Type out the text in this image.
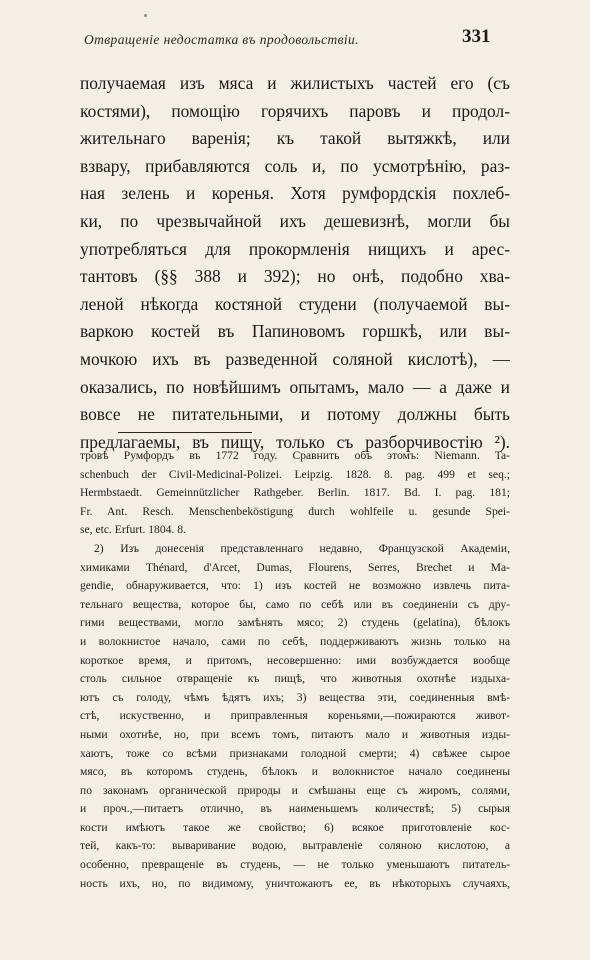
Отвращеніе недостатка въ продовольствіи.	331
получаемая изъ мяса и жилистыхъ частей его (съ
костями), помощію горячихъ паровъ и продол-
жительнаго варенія; къ такой вытяжкѣ, или
взвару, прибавляются соль и, по усмотрѣнію, раз-
ная зелень и коренья. Хотя румфордскія похлеб-
ки, по чрезвычайной ихъ дешевизнѣ, могли бы
употребляться для прокормленія нищихъ и арес-
тантовъ (§§ 388 и 392); но онѣ, подобно хва-
леной нѣкогда костяной студени (получаемой вы-
варкою костей въ Папиновомъ горшкѣ, или вы-
мочкою ихъ въ разведенной соляной кислотѣ), —
оказались, по новѣйшимъ опытамъ, мало — а даже и
вовсе не питательными, и потому должны быть
предлагаемы, въ пищу, только съ разборчивостію ²).
тровѣ Румфордъ въ 1772 году. Сравнить объ этомъ: Niemann. Ta-
schenbuch der Civil-Medicinal-Polizei. Leipzig. 1828. 8. pag. 499 et seq.;
Hermbstaedt. Gemeinnützlicher Rathgeber. Berlin. 1817. Bd. I. pag. 181;
Fr. Ant. Resch. Menschenbeköstigung durch wohlfeile u. gesunde Spei-
se, etc. Erfurt. 1804. 8.
2) Изъ донесенія представленнаго недавно, Французской Академіи,
химиками Thénard, d'Arcet, Dumas, Flourens, Serres, Brechet и Ma-
gendie, обнаруживается, что: 1) изъ костей не возможно извлечь пита-
тельнаго вещества, которое бы, само по себѣ или въ соединеніи съ дру-
гими веществами, могло замѣнять мясо; 2) студень (gelatina), бѣлокъ
и волокнистое начало, сами по себѣ, поддерживаютъ жизнь только на
короткое время, и притомъ, несовершенно: ими возбуждается вообще
столь сильное отвращеніе къ пищѣ, что животныя охотнѣе издыха-
ютъ съ голоду, чѣмъ ѣдятъ ихъ; 3) вещества эти, соединенныя вмѣ-
стѣ, искуственно, и приправленныя кореньями,—пожираются живот-
ными охотнѣе, но, при всемъ томъ, питаютъ мало и животныя изды-
хаютъ, тоже со всѣми признаками голодной смерти; 4) свѣжее сырое
мясо, въ которомъ студень, бѣлокъ и волокнистое начало соединены
по законамъ органической природы и смѣшаны еще съ жиромъ, солями,
и проч.,—питаетъ отлично, въ наименьшемъ количествѣ; 5) сырыя
кости имѣютъ такое же свойство; 6) всякое приготовленіе кос-
тей, какъ-то: вываривание водою, вытравленіе соляною кислотою, а
особенно, превращеніе въ студень, — не только уменьшаютъ питатель-
ность ихъ, но, по видимому, уничтожаютъ ее, въ нѣкоторыхъ случаяхъ,
